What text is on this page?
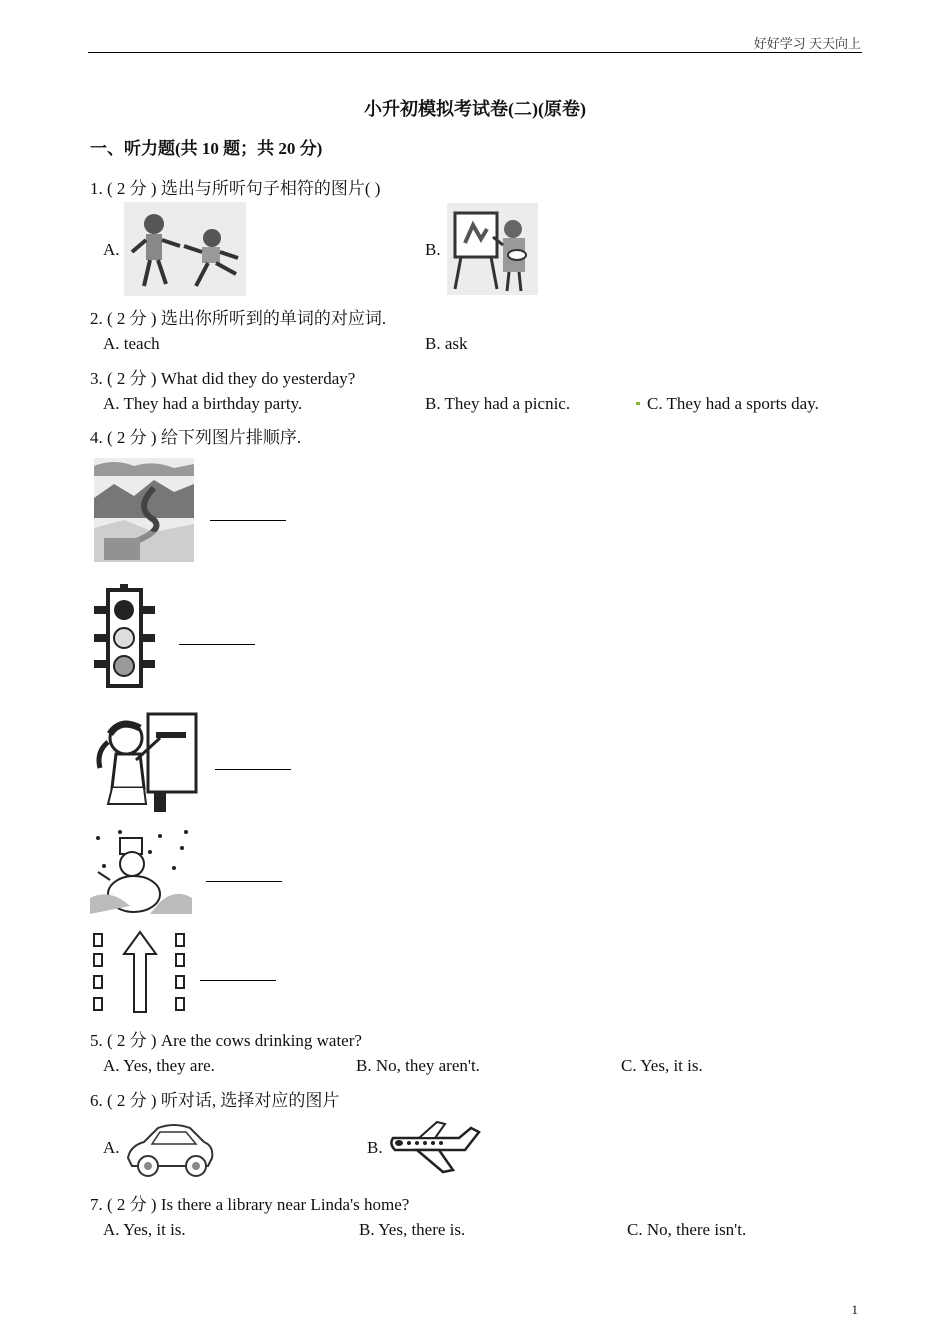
好好学习 天天向上
小升初模拟考试卷(二)(原卷)
一、听力题(共 10 题；共 20 分)
1. ( 2 分 ) 选出与所听句子相符的图片( )
A.	B.
2. ( 2 分 ) 选出你所听到的单词的对应词.
A. teach	B. ask
3. ( 2 分 ) What did they do yesterday?
A. They had a birthday party.	B. They had a picnic.	C. They had a sports day.
4. ( 2 分 ) 给下列图片排顺序.
5. ( 2 分 ) Are the cows drinking water?
A. Yes, they are.	B. No, they aren't.	C. Yes, it is.
6. ( 2 分 ) 听对话, 选择对应的图片
A.	B.
7. ( 2 分 ) Is there a library near Linda's home?
A. Yes, it is.	B. Yes, there is.	C. No, there isn't.
1
